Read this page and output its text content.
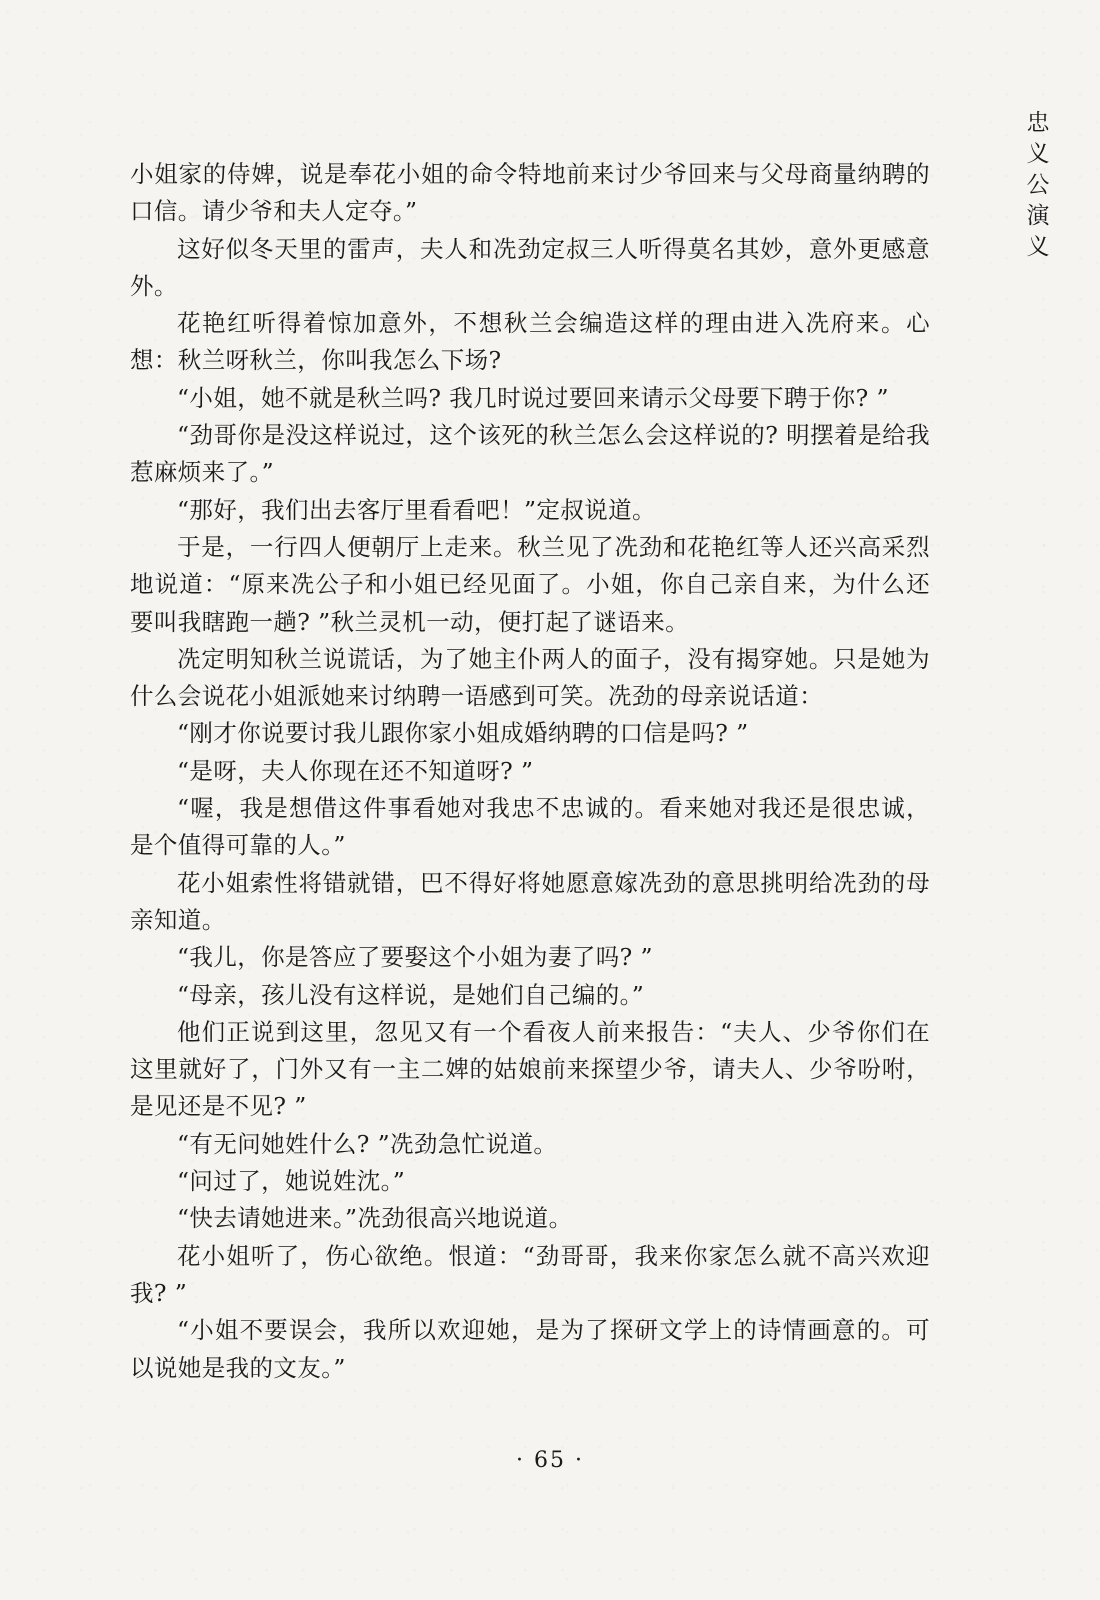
忠义公演义

小姐家的侍婢，说是奉花小姐的命令特地前来讨少爷回来与父母商量纳聘的口信。请少爷和夫人定夺。”

这好似冬天里的雷声，夫人和冼劲定叔三人听得莫名其妙，意外更感意外。

花艳红听得着惊加意外，不想秋兰会编造这样的理由进入冼府来。心想：秋兰呀秋兰，你叫我怎么下场?

“小姐，她不就是秋兰吗? 我几时说过要回来请示父母要下聘于你? ”

“劲哥你是没这样说过，这个该死的秋兰怎么会这样说的? 明摆着是给我惹麻烦来了。”

“那好，我们出去客厅里看看吧！”定叔说道。

于是，一行四人便朝厅上走来。秋兰见了冼劲和花艳红等人还兴高采烈地说道：“原来冼公子和小姐已经见面了。小姐，你自己亲自来，为什么还要叫我瞎跑一趟? ”秋兰灵机一动，便打起了谜语来。

冼定明知秋兰说谎话，为了她主仆两人的面子，没有揭穿她。只是她为什么会说花小姐派她来讨纳聘一语感到可笑。冼劲的母亲说话道：

“刚才你说要讨我儿跟你家小姐成婚纳聘的口信是吗? ”

“是呀，夫人你现在还不知道呀? ”

“喔，我是想借这件事看她对我忠不忠诚的。看来她对我还是很忠诚，是个值得可靠的人。”

花小姐索性将错就错，巴不得好将她愿意嫁冼劲的意思挑明给冼劲的母亲知道。

“我儿，你是答应了要娶这个小姐为妻了吗? ”

“母亲，孩儿没有这样说，是她们自己编的。”

他们正说到这里，忽见又有一个看夜人前来报告：“夫人、少爷你们在这里就好了，门外又有一主二婢的姑娘前来探望少爷，请夫人、少爷吩咐，是见还是不见? ”

“有无问她姓什么? ”冼劲急忙说道。

“问过了，她说姓沈。”

“快去请她进来。”冼劲很高兴地说道。

花小姐听了，伤心欲绝。恨道：“劲哥哥，我来你家怎么就不高兴欢迎我? ”

“小姐不要误会，我所以欢迎她，是为了探研文学上的诗情画意的。可以说她是我的文友。”

· 65 ·
